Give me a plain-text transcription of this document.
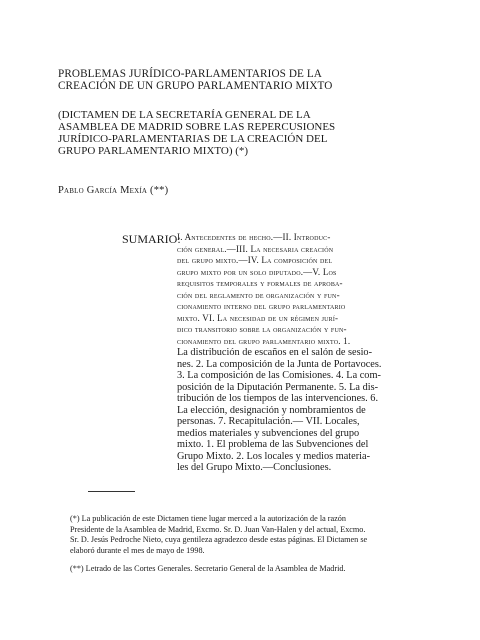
PROBLEMAS JURÍDICO-PARLAMENTARIOS DE LA
CREACIÓN DE UN GRUPO PARLAMENTARIO MIXTO
(DICTAMEN DE LA SECRETARÍA GENERAL DE LA
ASAMBLEA DE MADRID SOBRE LAS REPERCUSIONES
JURÍDICO-PARLAMENTARIAS DE LA CREACIÓN DEL
GRUPO PARLAMENTARIO MIXTO) (*)
Pablo García Mexía (**)
SUMARIO:
I. Antecedentes de hecho.—II. Introduc-
ción general.—III. La necesaria creación
del grupo mixto.—IV. La composición del
grupo mixto por un solo diputado.—V. Los
requisitos temporales y formales de aproba-
ción del reglamento de organización y fun-
cionamiento interno del grupo parlamentario
mixto. VI. La necesidad de un régimen jurí-
dico transitorio sobre la organización y fun-
cionamiento del grupo parlamentario mixto. 1.
La distribución de escaños en el salón de sesio-
nes. 2. La composición de la Junta de Portavoces.
3. La composición de las Comisiones. 4. La com-
posición de la Diputación Permanente. 5. La dis-
tribución de los tiempos de las intervenciones. 6.
La elección, designación y nombramientos de
personas. 7. Recapitulación.— VII. Locales,
medios materiales y subvenciones del grupo
mixto. 1. El problema de las Subvenciones del
Grupo Mixto. 2. Los locales y medios materia-
les del Grupo Mixto.—Conclusiones.
(*) La publicación de este Dictamen tiene lugar merced a la autorización de la razón
Presidente de la Asamblea de Madrid, Excmo. Sr. D. Juan Van-Halen y del actual, Excmo.
Sr. D. Jesús Pedroche Nieto, cuya gentileza agradezco desde estas páginas. El Dictamen se
elaboró durante el mes de mayo de 1998.
(**) Letrado de las Cortes Generales. Secretario General de la Asamblea de Madrid.
